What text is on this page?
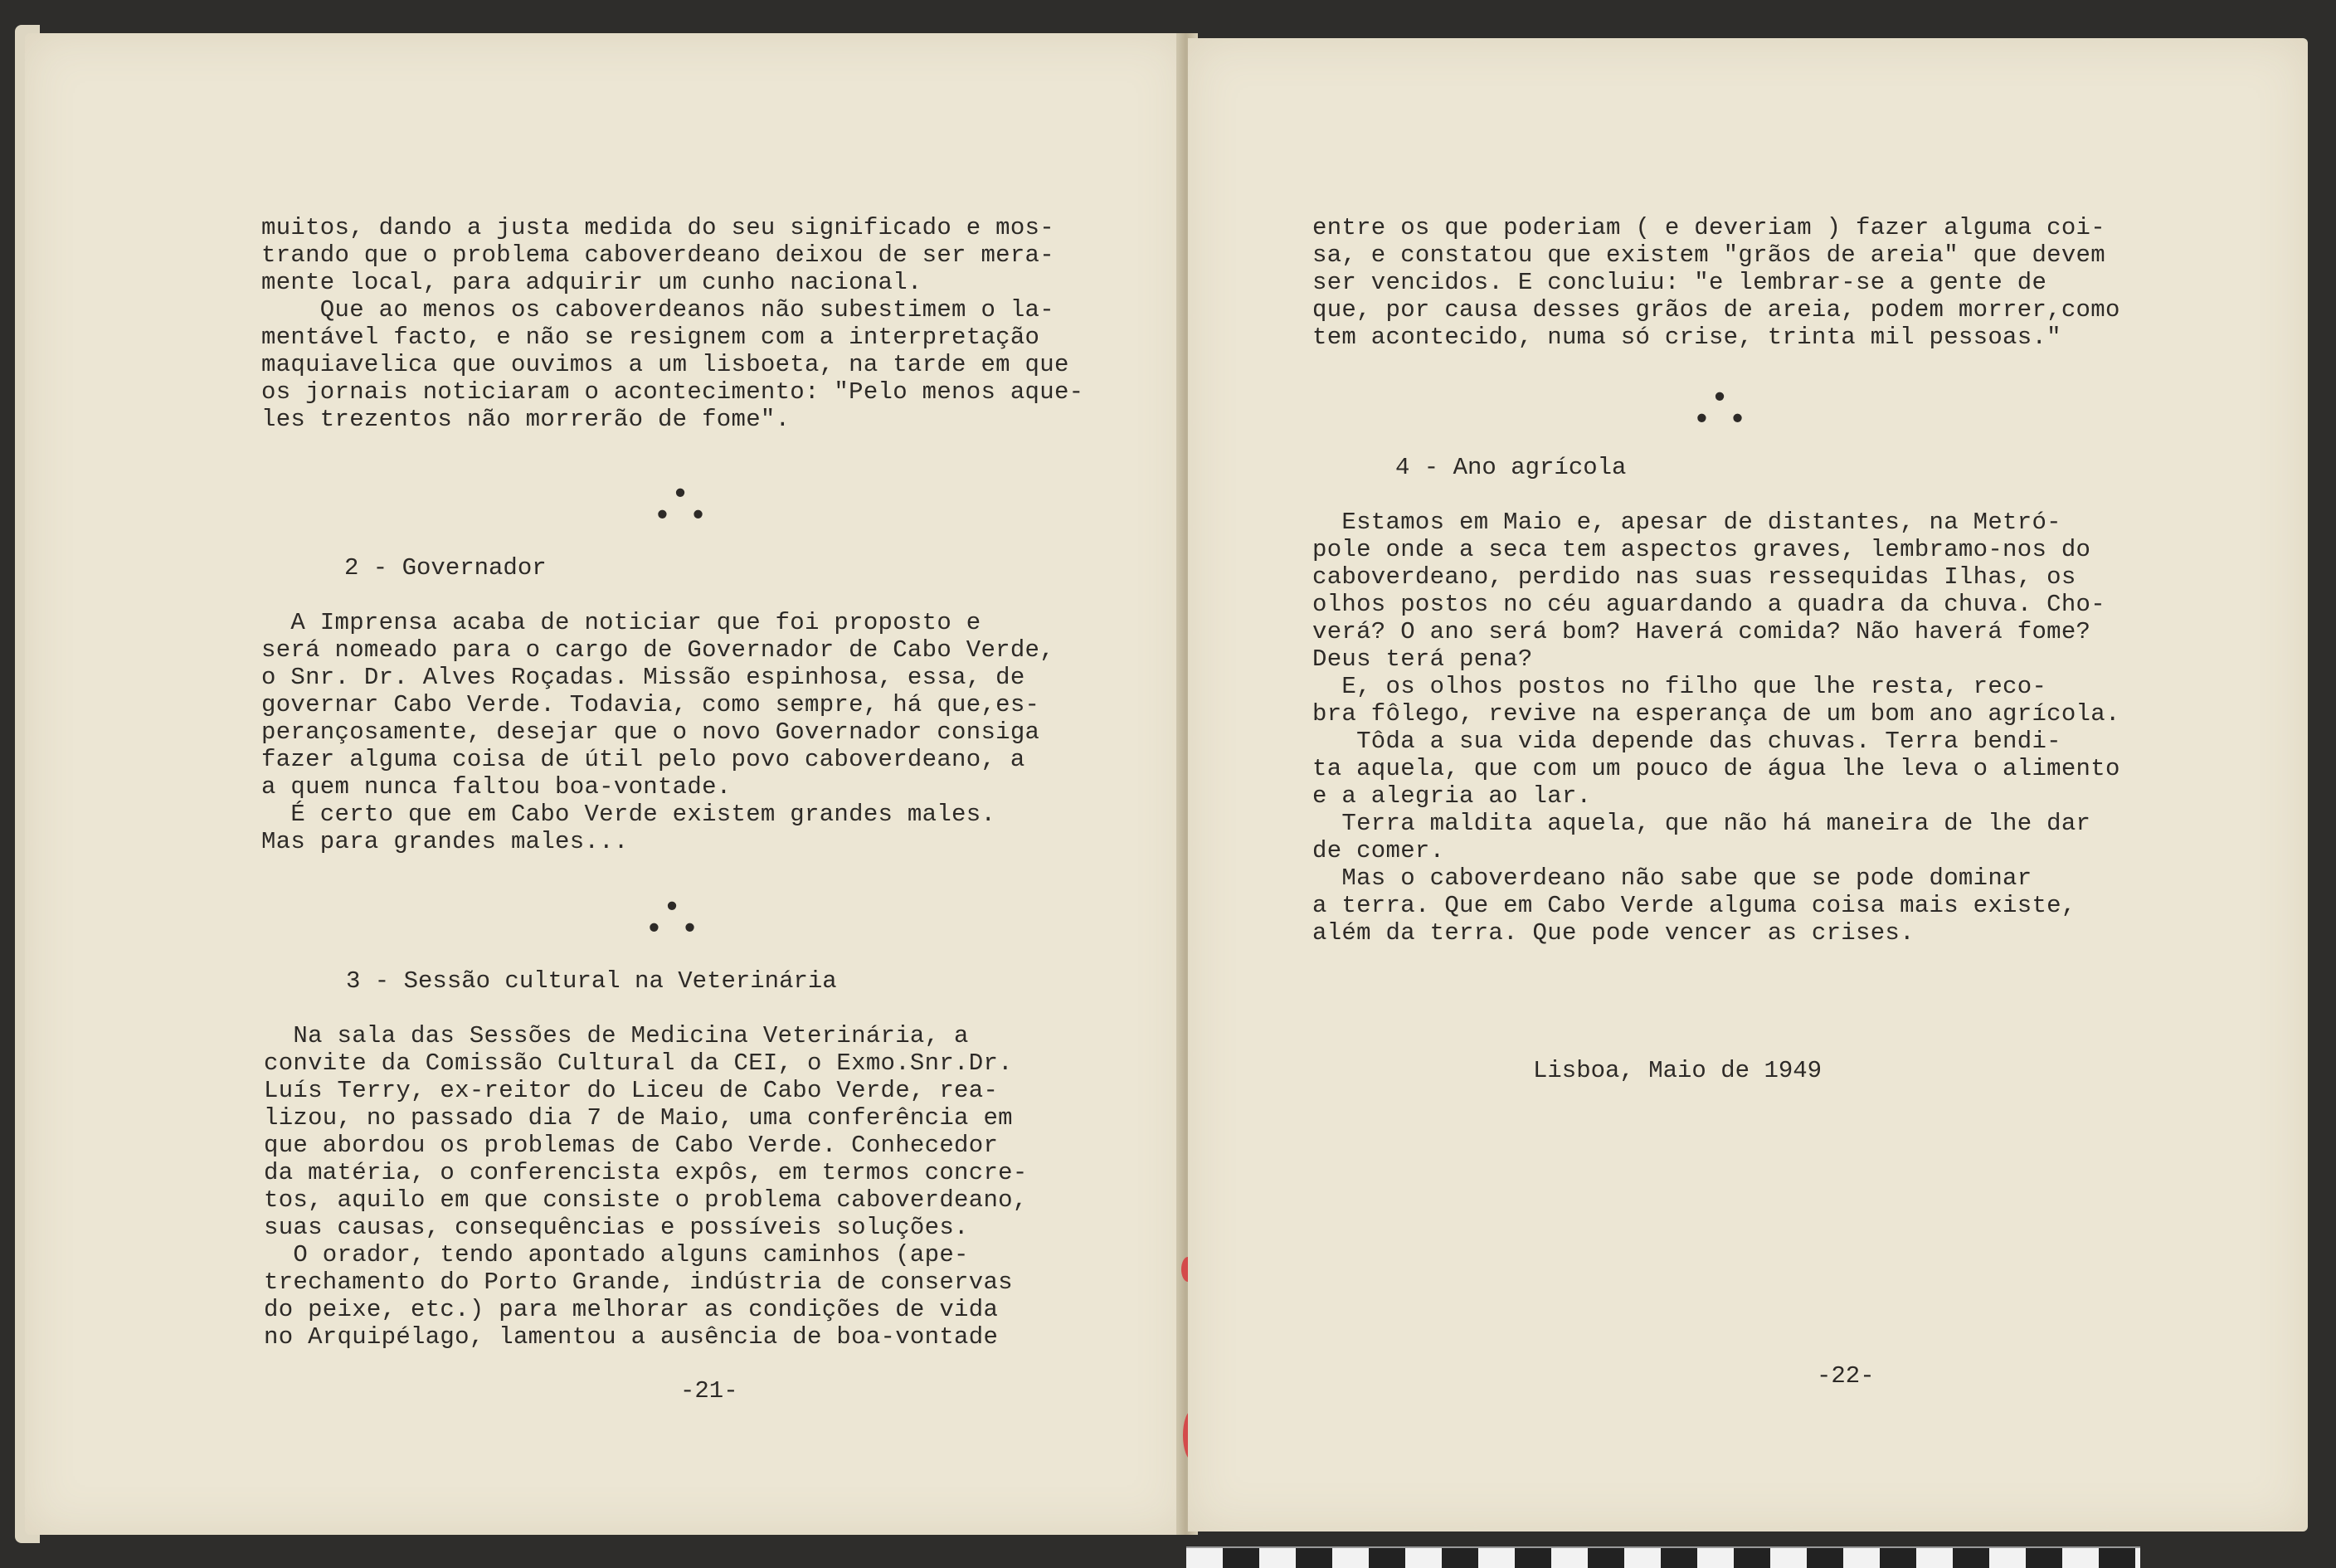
muitos, dando a justa medida do seu significado e mos-
trando que o problema caboverdeano deixou de ser mera-
mente local, para adquirir um cunho nacional.
Que ao menos os caboverdeanos não subestimem o la-
mentável facto, e não se resignem com a interpretação
maquiavelica que ouvimos a um lisboeta, na tarde em que
os jornais noticiaram o acontecimento: "Pelo menos aque-
les trezentos não morrerão de fome".
•
• •
2 - Governador
A Imprensa acaba de noticiar que foi proposto e
será nomeado para o cargo de Governador de Cabo Verde,
o Snr. Dr. Alves Roçadas. Missão espinhosa, essa, de
governar Cabo Verde. Todavia, como sempre, há que,es-
perançosamente, desejar que o novo Governador consiga
fazer alguma coisa de útil pelo povo caboverdeano, a
a quem nunca faltou boa-vontade.
É certo que em Cabo Verde existem grandes males.
Mas para grandes males...
•
• •
3 - Sessão cultural na Veterinária
Na sala das Sessões de Medicina Veterinária, a
convite da Comissão Cultural da CEI, o Exmo.Snr.Dr.
Luís Terry, ex-reitor do Liceu de Cabo Verde, rea-
lizou, no passado dia 7 de Maio, uma conferência em
que abordou os problemas de Cabo Verde. Conhecedor
da matéria, o conferencista expôs, em termos concre-
tos, aquilo em que consiste o problema caboverdeano,
suas causas, consequências e possíveis soluções.
O orador, tendo apontado alguns caminhos (ape-
trechamento do Porto Grande, indústria de conservas
do peixe, etc.) para melhorar as condições de vida
no Arquipélago, lamentou a ausência de boa-vontade
-21-
entre os que poderiam ( e deveriam ) fazer alguma coi-
sa, e constatou que existem "grãos de areia" que devem
ser vencidos. E concluiu: "e lembrar-se a gente de
que, por causa desses grãos de areia, podem morrer,como
tem acontecido, numa só crise, trinta mil pessoas."
•
• •
4 - Ano agrícola
Estamos em Maio e, apesar de distantes, na Metró-
pole onde a seca tem aspectos graves, lembramo-nos do
caboverdeano, perdido nas suas ressequidas Ilhas, os
olhos postos no céu aguardando a quadra da chuva. Cho-
verá? O ano será bom? Haverá comida? Não haverá fome?
Deus terá pena?
E, os olhos postos no filho que lhe resta, reco-
bra fôlego, revive na esperança de um bom ano agrícola.
Tôda a sua vida depende das chuvas. Terra bendi-
ta aquela, que com um pouco de água lhe leva o alimento
e a alegria ao lar.
Terra maldita aquela, que não há maneira de lhe dar
de comer.
Mas o caboverdeano não sabe que se pode dominar
a terra. Que em Cabo Verde alguma coisa mais existe,
além da terra. Que pode vencer as crises.
Lisboa, Maio de 1949
-22-
